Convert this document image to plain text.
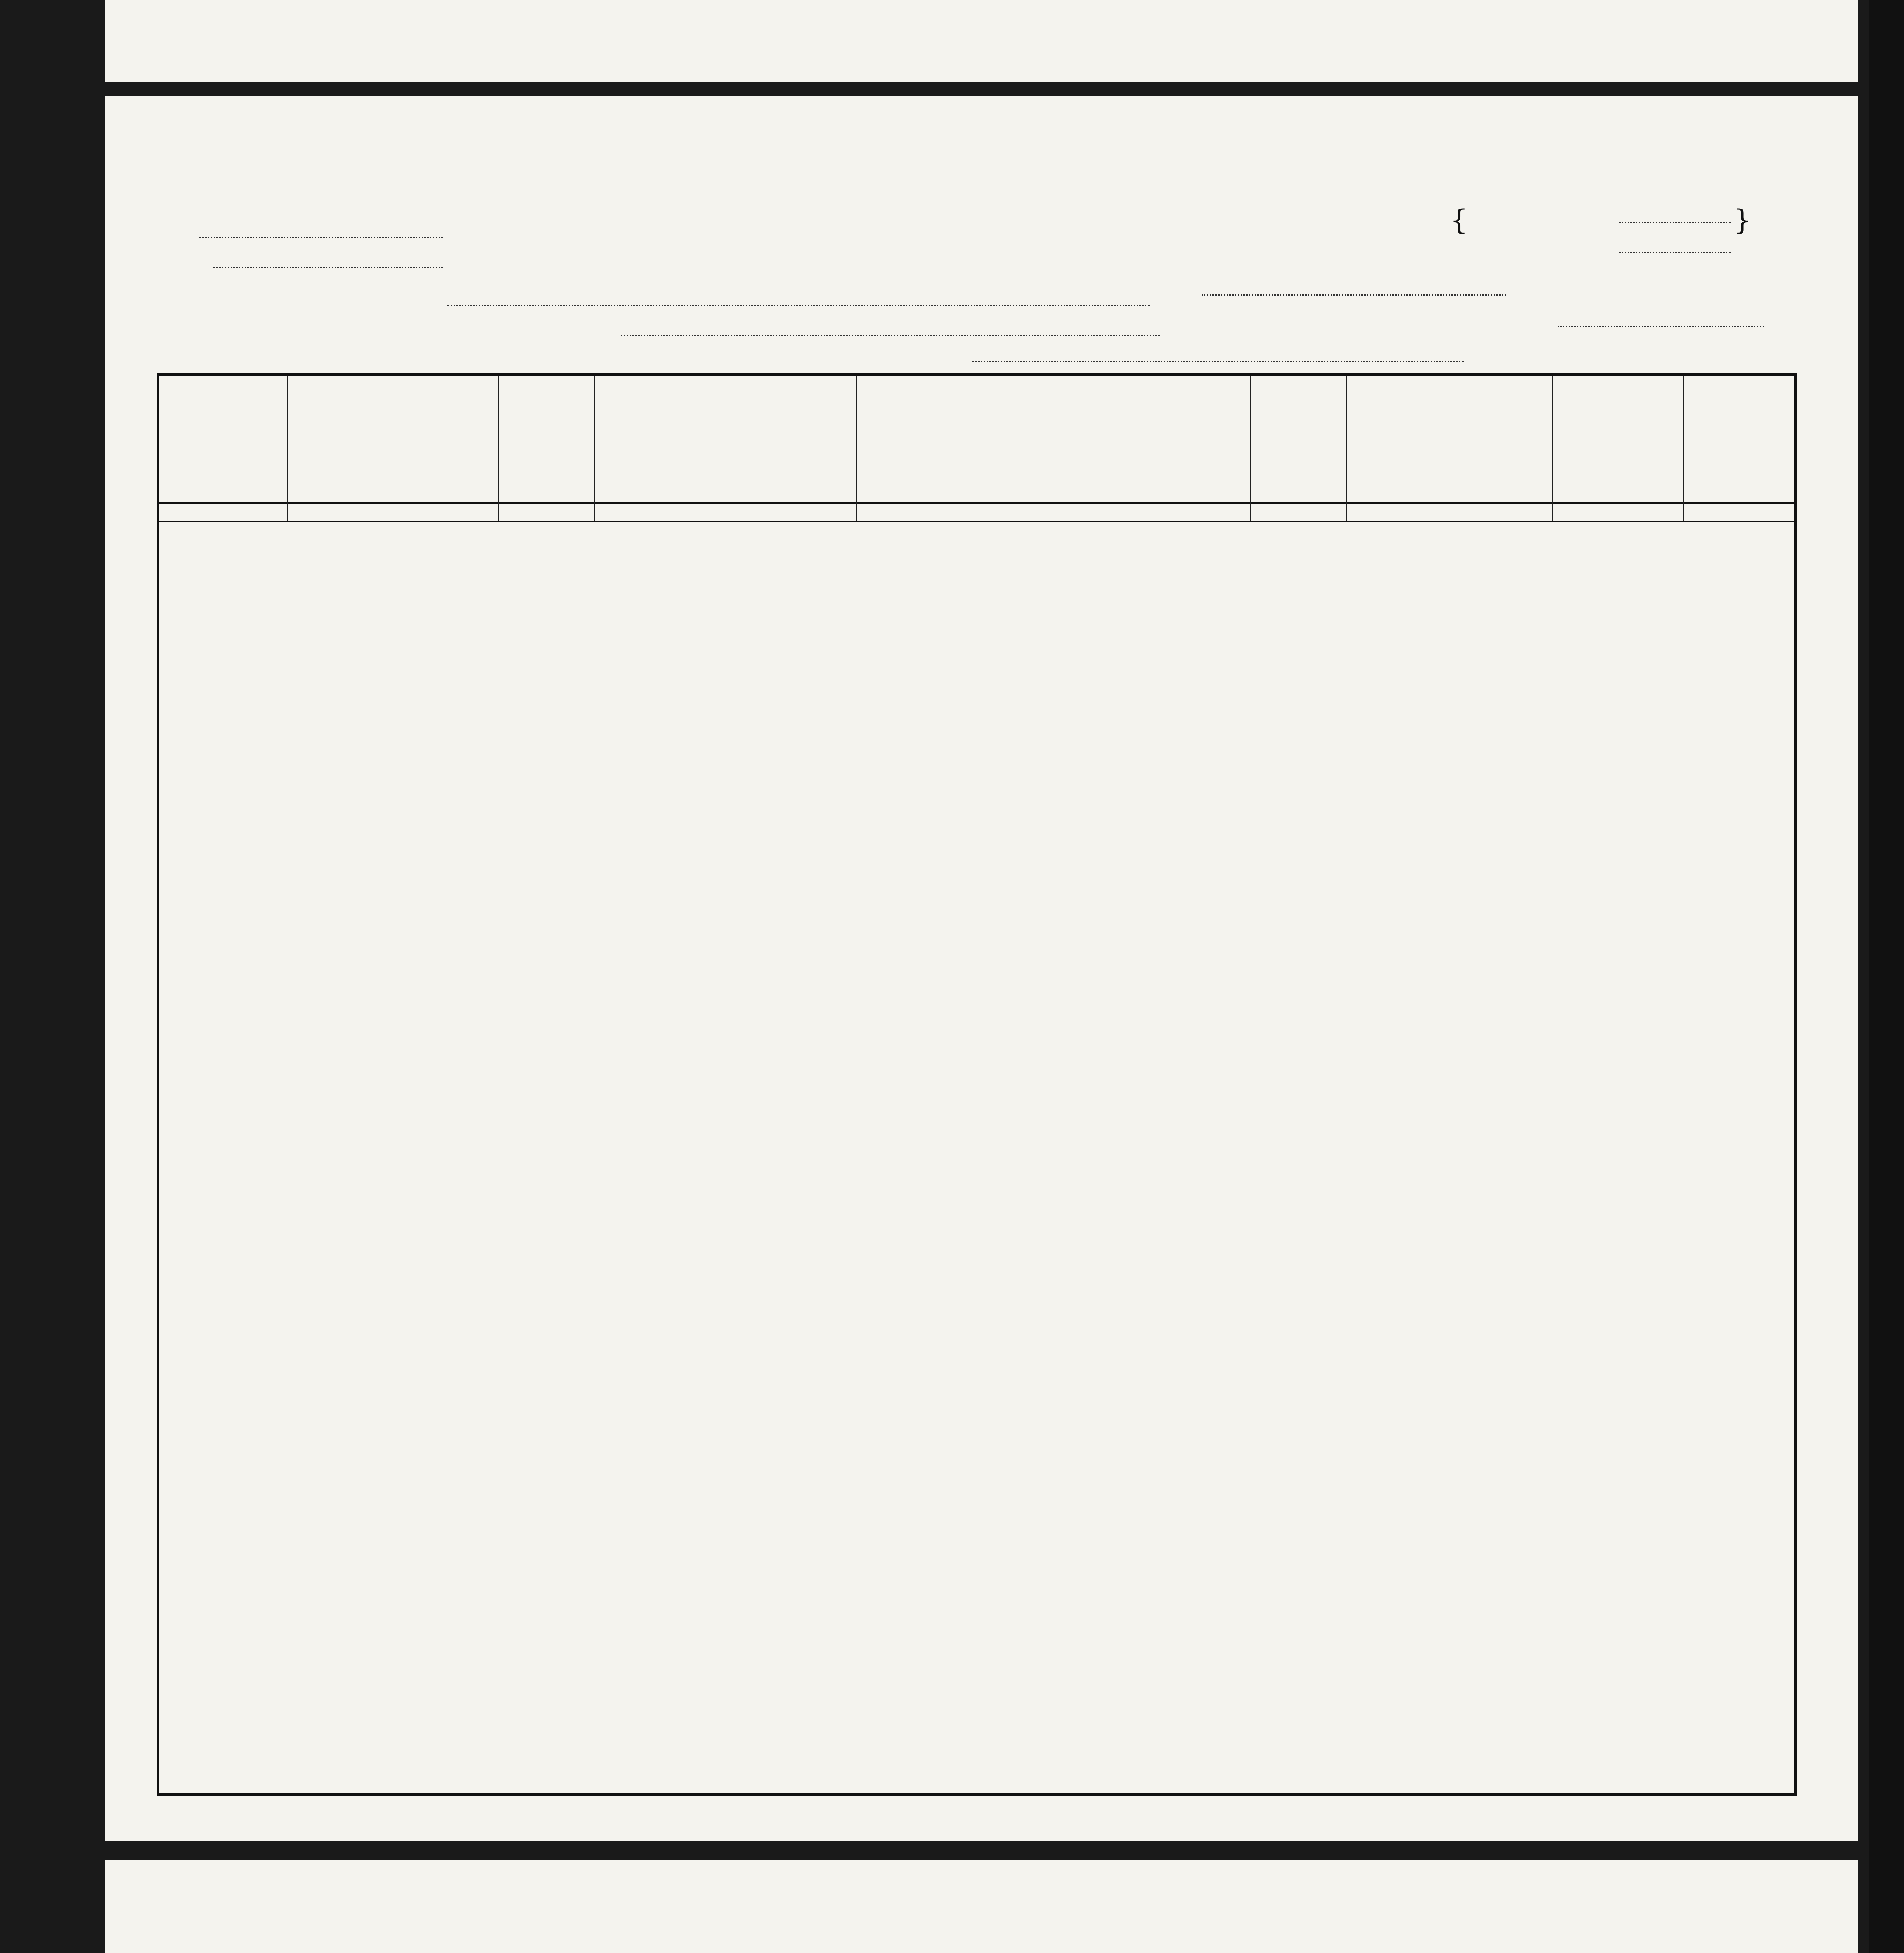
{	}
